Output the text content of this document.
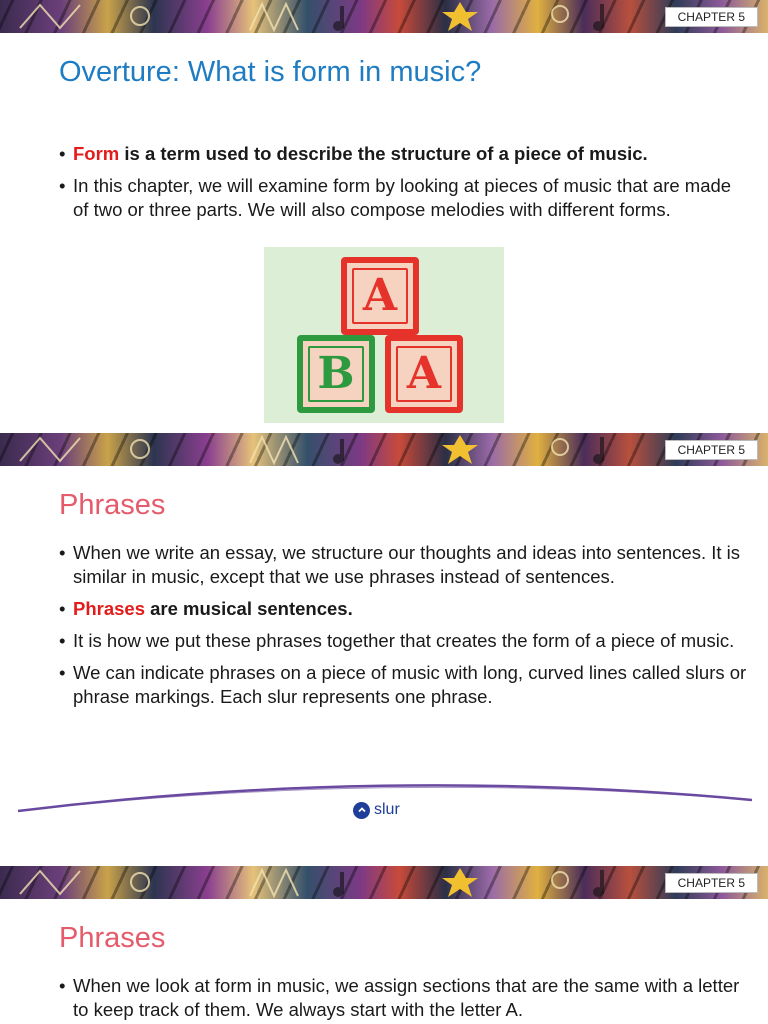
CHAPTER 5
Overture: What is form in music?
• Form is a term used to describe the structure of a piece of music.
• In this chapter, we will examine form by looking at pieces of music that are made of two or three parts. We will also compose melodies with different forms.
A
B A
CHAPTER 5
Phrases
• When we write an essay, we structure our thoughts and ideas into sentences. It is similar in music, except that we use phrases instead of sentences.
• Phrases are musical sentences.
• It is how we put these phrases together that creates the form of a piece of music.
• We can indicate phrases on a piece of music with long, curved lines called slurs or phrase markings. Each slur represents one phrase.
slur
CHAPTER 5
Phrases
• When we look at form in music, we assign sections that are the same with a letter to keep track of them. We always start with the letter A.
